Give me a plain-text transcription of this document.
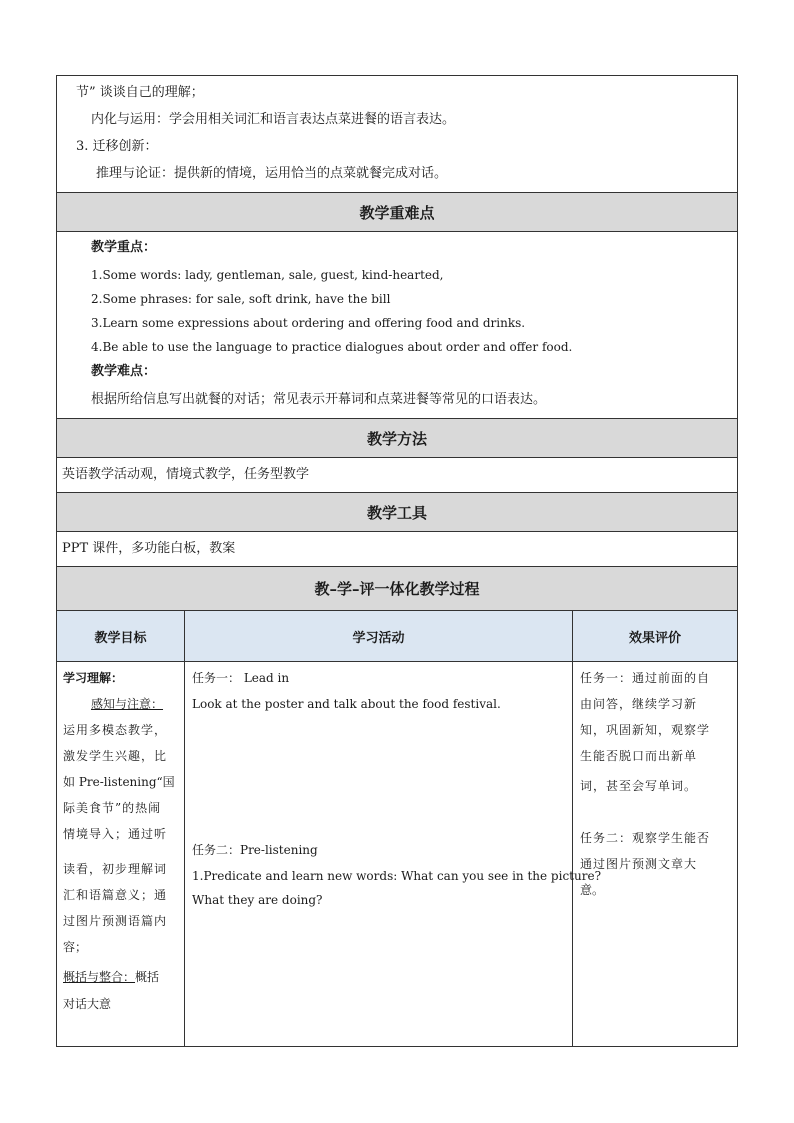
教学重难点
教学方法
教学工具
教–学–评一体化教学过程
节” 谈谈自己的理解；
内化与运用：学会用相关词汇和语言表达点菜进餐的语言表达。
3. 迁移创新：
推理与论证：提供新的情境，运用恰当的点菜就餐完成对话。
教学重点：
1.Some words: lady, gentleman, sale, guest, kind-hearted,
2.Some phrases: for sale, soft drink, have the bill
3.Learn some expressions about ordering and offering food and drinks.
4.Be able to use the language to practice dialogues about order and offer food.
教学难点：
根据所给信息写出就餐的对话；常见表示开幕词和点菜进餐等常见的口语表达。
英语教学活动观，情境式教学，任务型教学
PPT 课件，多功能白板，教案
教学目标	学习活动	效果评价
学习理解：
感知与注意：
运用多模态教学，
激发学生兴趣，比
如 Pre-listening“国
际美食节”的热闹
情境导入；通过听
读看，初步理解词
汇和语篇意义；通
过图片预测语篇内
容；
概括与整合：概括
对话大意
任务一： Lead in
Look at the poster and talk about the food festival.
任务二：Pre-listening
1.Predicate and learn new words: What can you see in the picture?
What they are doing?
任务一：通过前面的自
由问答，继续学习新
知，巩固新知，观察学
生能否脱口而出新单
词，甚至会写单词。
任务二：观察学生能否
通过图片预测文章大
意。
